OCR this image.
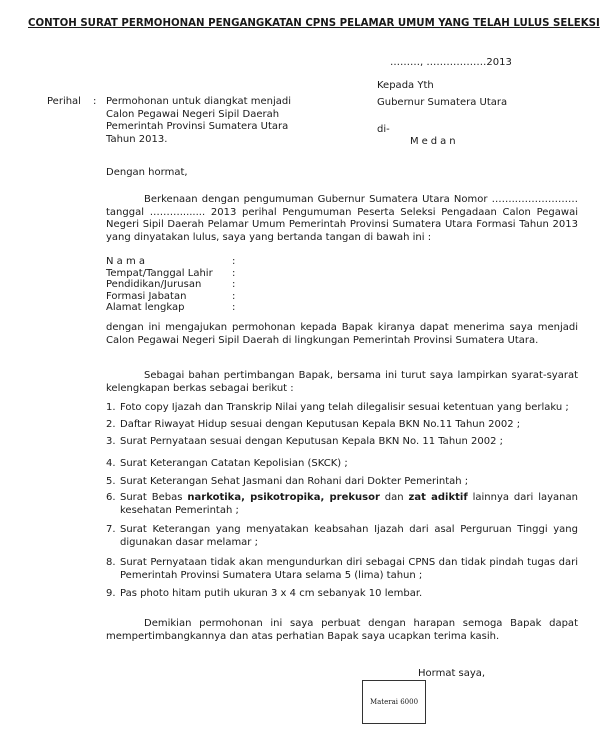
CONTOH SURAT PERMOHONAN PENGANGKATAN CPNS PELAMAR UMUM YANG TELAH LULUS SELEKSI
………, ………………2013
Kepada Yth
Gubernur Sumatera Utara
di-
Medan
Perihal : Permohonan untuk diangkat menjadi
Calon Pegawai Negeri Sipil Daerah
Pemerintah Provinsi Sumatera Utara
Tahun 2013.
Dengan hormat,
Berkenaan dengan pengumuman Gubernur Sumatera Utara Nomor ……..……………… tanggal ………........ 2013 perihal Pengumuman Peserta Seleksi Pengadaan Calon Pegawai Negeri Sipil Daerah Pelamar Umum Pemerintah Provinsi Sumatera Utara Formasi Tahun 2013 yang dinyatakan lulus, saya yang bertanda tangan di bawah ini :
N a m a	:
Tempat/Tanggal Lahir	:
Pendidikan/Jurusan	:
Formasi Jabatan	:
Alamat lengkap	:
dengan ini mengajukan permohonan kepada Bapak kiranya dapat menerima saya menjadi Calon Pegawai Negeri Sipil Daerah di lingkungan Pemerintah Provinsi Sumatera Utara.
Sebagai bahan pertimbangan Bapak, bersama ini turut saya lampirkan syarat-syarat kelengkapan berkas sebagai berikut :
1. Foto copy Ijazah dan Transkrip Nilai yang telah dilegalisir sesuai ketentuan yang berlaku ;
2. Daftar Riwayat Hidup sesuai dengan Keputusan Kepala BKN No.11 Tahun 2002 ;
3. Surat Pernyataan sesuai dengan Keputusan Kepala BKN No. 11 Tahun 2002 ;
4. Surat Keterangan Catatan Kepolisian (SKCK) ;
5. Surat Keterangan Sehat Jasmani dan Rohani dari Dokter Pemerintah ;
6. Surat Bebas narkotika, psikotropika, prekusor dan zat adiktif lainnya dari layanan kesehatan Pemerintah ;
7. Surat Keterangan yang menyatakan keabsahan Ijazah dari asal Perguruan Tinggi yang digunakan dasar melamar ;
8. Surat Pernyataan tidak akan mengundurkan diri sebagai CPNS dan tidak pindah tugas dari Pemerintah Provinsi Sumatera Utara selama 5 (lima) tahun ;
9. Pas photo hitam putih ukuran 3 x 4 cm sebanyak 10 lembar.
Demikian permohonan ini saya perbuat dengan harapan semoga Bapak dapat mempertimbangkannya dan atas perhatian Bapak saya ucapkan terima kasih.
Hormat saya,
Materai 6000
